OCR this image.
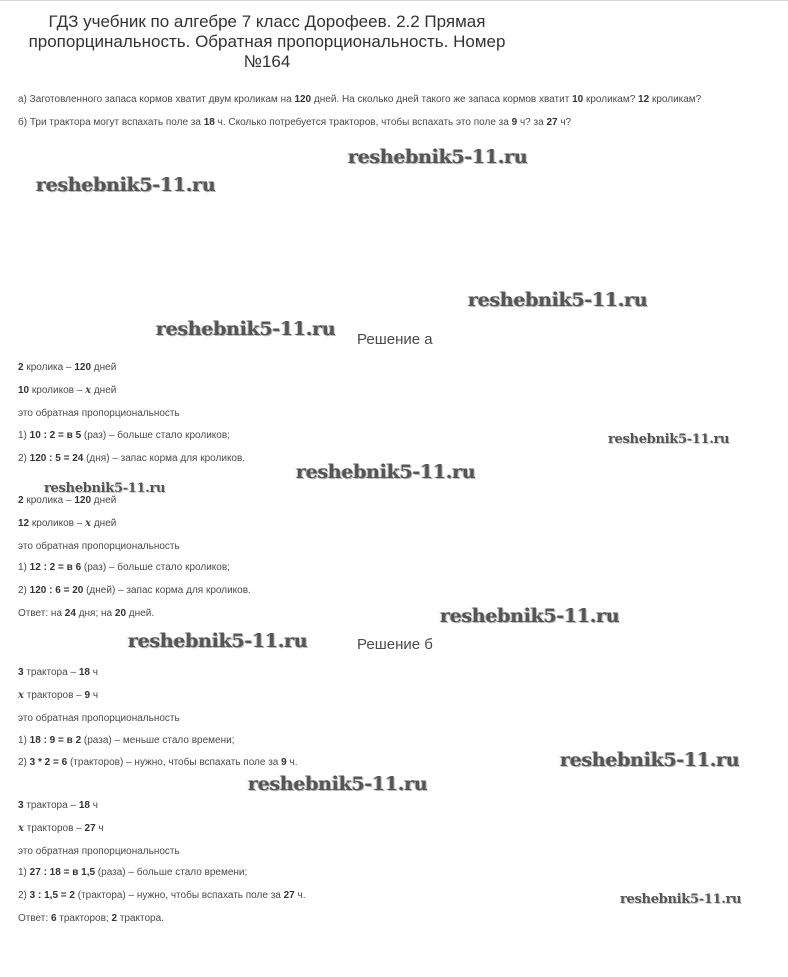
ГДЗ учебник по алгебре 7 класс Дорофеев. 2.2 Прямая
пропорцинальность. Обратная пропорциональность. Номер
№164
а) Заготовленного запаса кормов хватит двум кроликам на 120 дней. На сколько дней такого же запаса кормов хватит 10 кроликам? 12 кроликам?
б) Три трактора могут вспахать поле за 18 ч. Сколько потребуется тракторов, чтобы вспахать это поле за 9 ч? за 27 ч?
reshebnik5-11.ru
reshebnik5-11.ru
reshebnik5-11.ru
reshebnik5-11.ru
reshebnik5-11.ru
reshebnik5-11.ru
reshebnik5-11.ru
reshebnik5-11.ru
reshebnik5-11.ru
reshebnik5-11.ru
reshebnik5-11.ru
reshebnik5-11.ru
Решение а
2 кролика – 120 дней
10 кроликов – x дней
это обратная пропорциональность
1) 10 : 2 = в 5 (раз) – больше стало кроликов;
2) 120 : 5 = 24 (дня) – запас корма для кроликов.
2 кролика – 120 дней
12 кроликов – x дней
это обратная пропорциональность
1) 12 : 2 = в 6 (раз) – больше стало кроликов;
2) 120 : 6 = 20 (дней) – запас корма для кроликов.
Ответ: на 24 дня; на 20 дней.
Решение б
3 трактора – 18 ч
x тракторов – 9 ч
это обратная пропорциональность
1) 18 : 9 = в 2 (раза) – меньше стало времени;
2) 3 * 2 = 6 (тракторов) – нужно, чтобы вспахать поле за 9 ч.
3 трактора – 18 ч
x тракторов – 27 ч
это обратная пропорциональность
1) 27 : 18 = в 1,5 (раза) – больше стало времени;
2) 3 : 1,5 = 2 (трактора) – нужно, чтобы вспахать поле за 27 ч.
Ответ: 6 тракторов; 2 трактора.
